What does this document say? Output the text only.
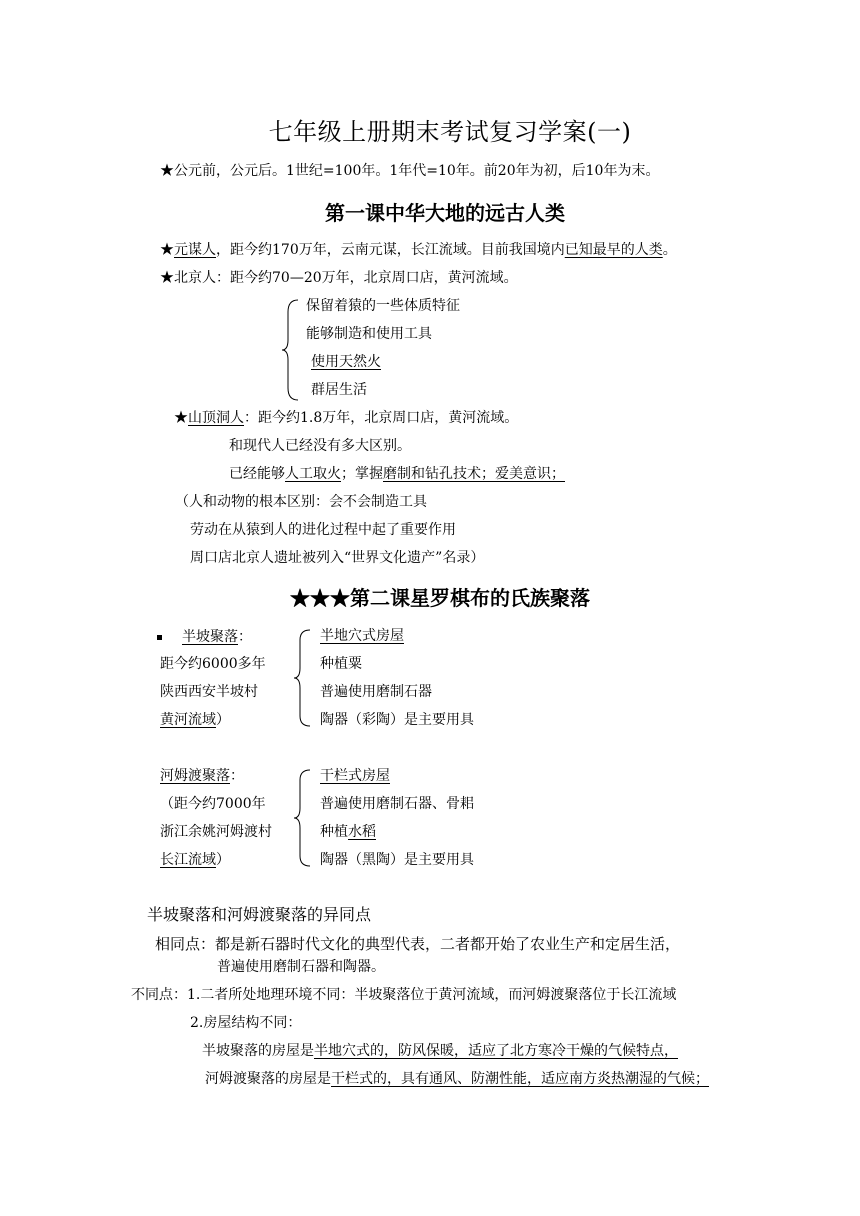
七年级上册期末考试复习学案(一)
★公元前，公元后。1世纪=100年。1年代=10年。前20年为初，后10年为末。
第一课中华大地的远古人类
★元谋人，距今约170万年，云南元谋，长江流域。目前我国境内已知最早的人类。
★北京人：距今约70—20万年，北京周口店，黄河流域。
保留着猿的一些体质特征
能够制造和使用工具
使用天然火
群居生活
★山顶洞人：距今约1.8万年，北京周口店，黄河流域。
和现代人已经没有多大区别。
已经能够人工取火；掌握磨制和钻孔技术；爱美意识；
（人和动物的根本区别：会不会制造工具
劳动在从猿到人的进化过程中起了重要作用
周口店北京人遗址被列入“世界文化遗产”名录）
★★★第二课星罗棋布的氏族聚落
半坡聚落：
距今约6000多年
陕西西安半坡村
黄河流域）
半地穴式房屋
种植粟
普遍使用磨制石器
陶器（彩陶）是主要用具
河姆渡聚落：
（距今约7000年
浙江余姚河姆渡村
长江流域）
干栏式房屋
普遍使用磨制石器、骨耜
种植水稻
陶器（黑陶）是主要用具
半坡聚落和河姆渡聚落的异同点
相同点：都是新石器时代文化的典型代表，二者都开始了农业生产和定居生活，
普遍使用磨制石器和陶器。
不同点：1.二者所处地理环境不同：半坡聚落位于黄河流域，而河姆渡聚落位于长江流域
2.房屋结构不同：
半坡聚落的房屋是半地穴式的，防风保暖，适应了北方寒冷干燥的气候特点，
河姆渡聚落的房屋是干栏式的，具有通风、防潮性能，适应南方炎热潮湿的气候；
